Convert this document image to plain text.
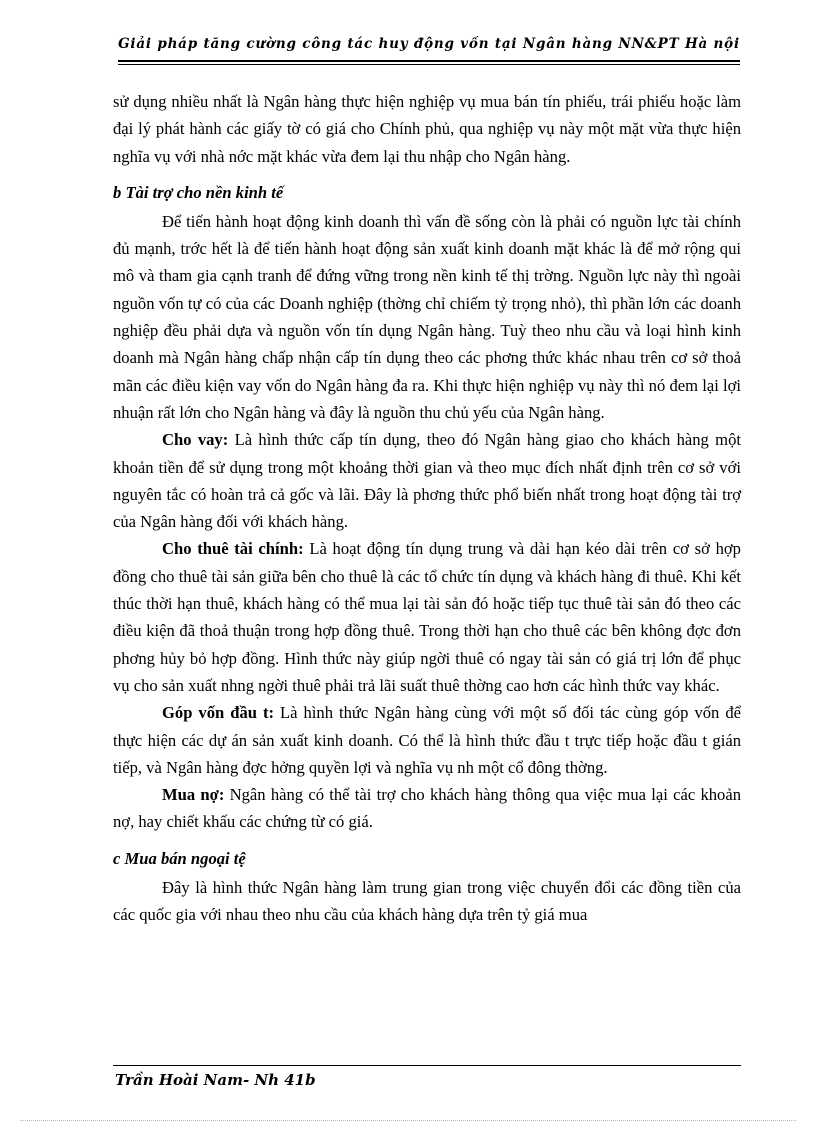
Giải pháp tăng cường công tác huy động vốn tại Ngân hàng NN&PT Hà nội

sử dụng nhiều nhất là Ngân hàng thực hiện nghiệp vụ mua bán tín phiếu, trái phiếu hoặc làm đại lý phát hành các giấy tờ có giá cho Chính phủ, qua nghiệp vụ này một mặt vừa thực hiện nghĩa vụ với nhà nớc mặt khác vừa đem lại thu nhập cho Ngân hàng.

b Tài trợ cho nền kinh tế

Để tiến hành hoạt động kinh doanh thì vấn đề sống còn là phải có nguồn lực tài chính đủ mạnh, trớc hết là để tiến hành hoạt động sản xuất kinh doanh mặt khác là để mở rộng qui mô và tham gia cạnh tranh để đứng vững trong nền kinh tế thị trờng. Nguồn lực này thì ngoài nguồn vốn tự có của các Doanh nghiệp (thờng chỉ chiếm tỷ trọng nhỏ), thì phần lớn các doanh nghiệp đều phải dựa và nguồn vốn tín dụng Ngân hàng. Tuỳ theo nhu cầu và loại hình kinh doanh mà Ngân hàng chấp nhận cấp tín dụng theo các phơng thức khác nhau trên cơ sở thoả mãn các điều kiện vay vốn do Ngân hàng đa ra. Khi thực hiện nghiệp vụ này thì nó đem lại lợi nhuận rất lớn cho Ngân hàng và đây là nguồn thu chủ yếu của Ngân hàng.

Cho vay: Là hình thức cấp tín dụng, theo đó Ngân hàng giao cho khách hàng một khoản tiền để sử dụng trong một khoảng thời gian và theo mục đích nhất định trên cơ sở với nguyên tắc có hoàn trả cả gốc và lãi. Đây là phơng thức phổ biến nhất trong hoạt động tài trợ của Ngân hàng đối với khách hàng.

Cho thuê tài chính: Là hoạt động tín dụng trung và dài hạn kéo dài trên cơ sở hợp đồng cho thuê tài sản giữa bên cho thuê là các tổ chức tín dụng và khách hàng đi thuê. Khi kết thúc thời hạn thuê, khách hàng có thể mua lại tài sản đó hoặc tiếp tục thuê tài sản đó theo các điều kiện đã thoả thuận trong hợp đồng thuê. Trong thời hạn cho thuê các bên không đợc đơn phơng hủy bỏ hợp đồng. Hình thức này giúp ngời thuê có ngay tài sản có giá trị lớn để phục vụ cho sản xuất nhng ngời thuê phải trả lãi suất thuê thờng cao hơn các hình thức vay khác.

Góp vốn đầu t: Là hình thức Ngân hàng cùng với một số đối tác cùng góp vốn để thực hiện các dự án sản xuất kinh doanh. Có thể là hình thức đầu t trực tiếp hoặc đầu t gián tiếp, và Ngân hàng đợc hởng quyền lợi và nghĩa vụ nh một cổ đông thờng.

Mua nợ: Ngân hàng có thể tài trợ cho khách hàng thông qua việc mua lại các khoản nợ, hay chiết khấu các chứng từ có giá.

c Mua bán ngoại tệ

Đây là hình thức Ngân hàng làm trung gian trong việc chuyển đổi các đồng tiền của các quốc gia với nhau theo nhu cầu của khách hàng dựa trên tỷ giá mua

Trần Hoài Nam- Nh 41b
